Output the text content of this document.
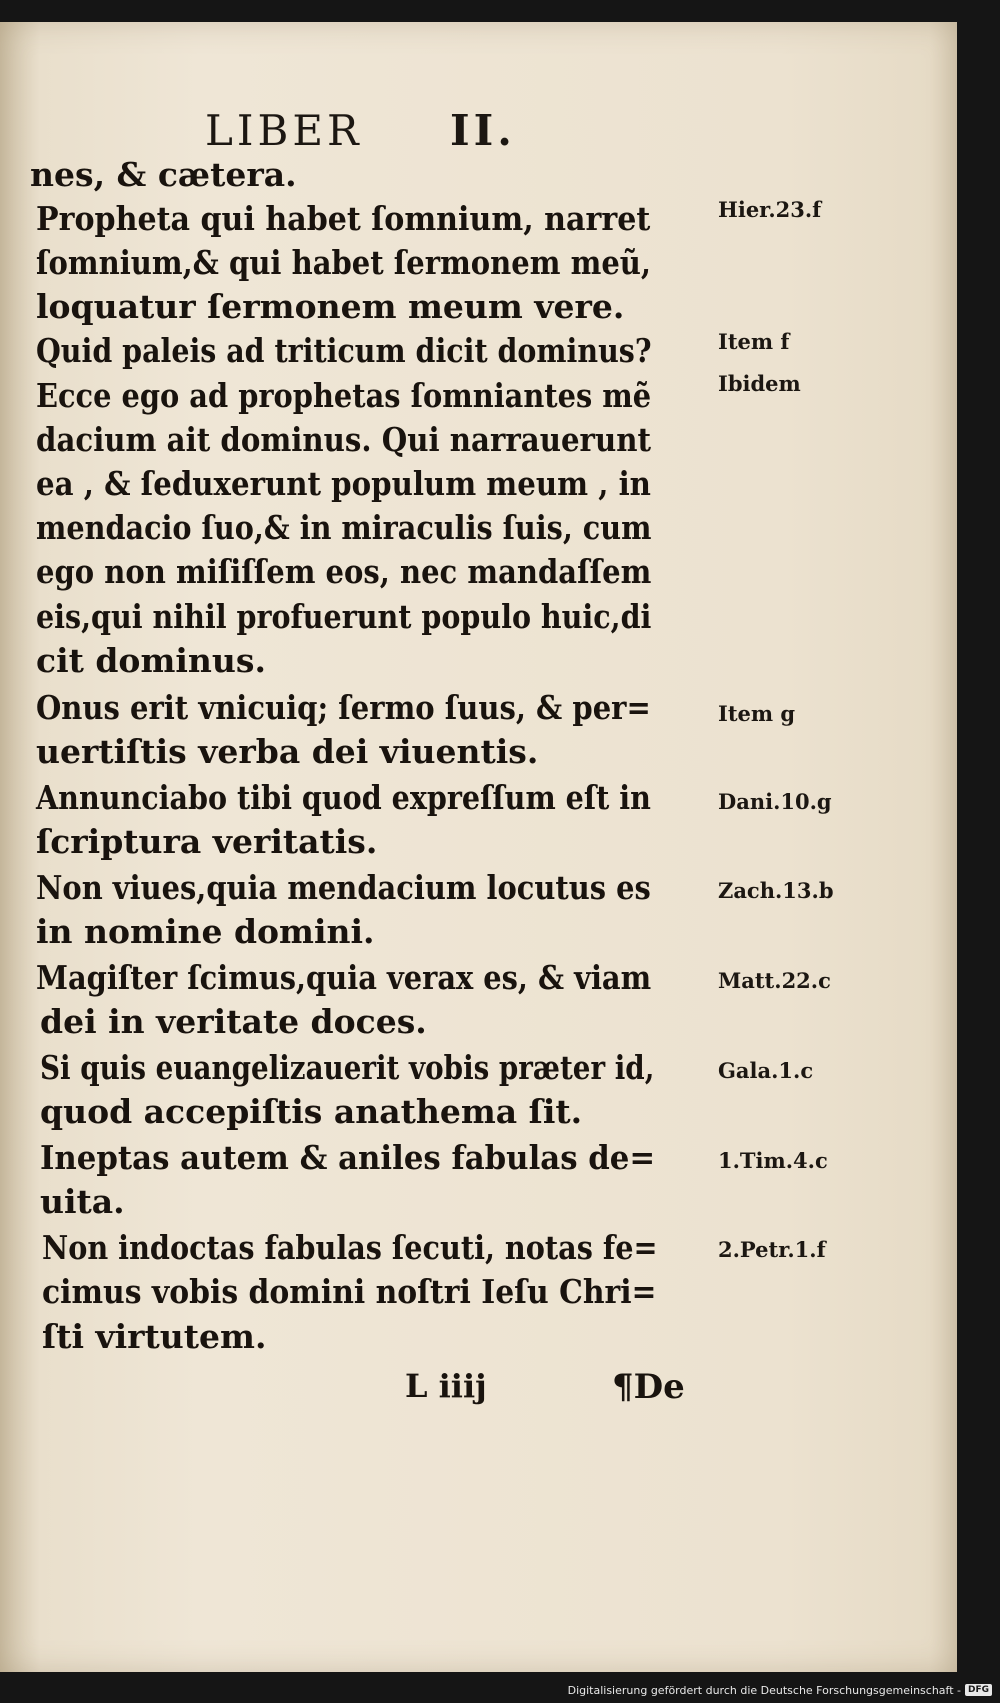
LIBER II.
nes, & cætera.
Propheta qui habet ſomnium, narret
ſomnium,& qui habet ſermonem meũ,
loquatur ſermonem meum vere.
Quid paleis ad triticum dicit dominus?
Ecce ego ad prophetas ſomniantes mẽ
dacium ait dominus. Qui narrauerunt
ea , & ſeduxerunt populum meum , in
mendacio ſuo,& in miraculis ſuis, cum
ego non miſiſſem eos, nec mandaſſem
eis,qui nihil profuerunt populo huic,di
cit dominus.
Onus erit vnicuiq; ſermo ſuus, & per=
uertiſtis verba dei viuentis.
Annunciabo tibi quod expreſſum eſt in
ſcriptura veritatis.
Non viues,quia mendacium locutus es
in nomine domini.
Magiſter ſcimus,quia verax es, & viam
dei in veritate doces.
Si quis euangelizauerit vobis præter id,
quod accepiſtis anathema ſit.
Ineptas autem & aniles fabulas de=
uita.
Non indoctas fabulas ſecuti, notas fe=
cimus vobis domini noſtri Ieſu Chri=
ſti virtutem.
Hier.23.f
Item f
Ibidem
Item g
Dani.10.g
Zach.13.b
Matt.22.c
Gala.1.c
1.Tim.4.c
2.Petr.1.f
L iiij	¶De
Digitalisierung gefördert durch die Deutsche Forschungsgemeinschaft - DFG
